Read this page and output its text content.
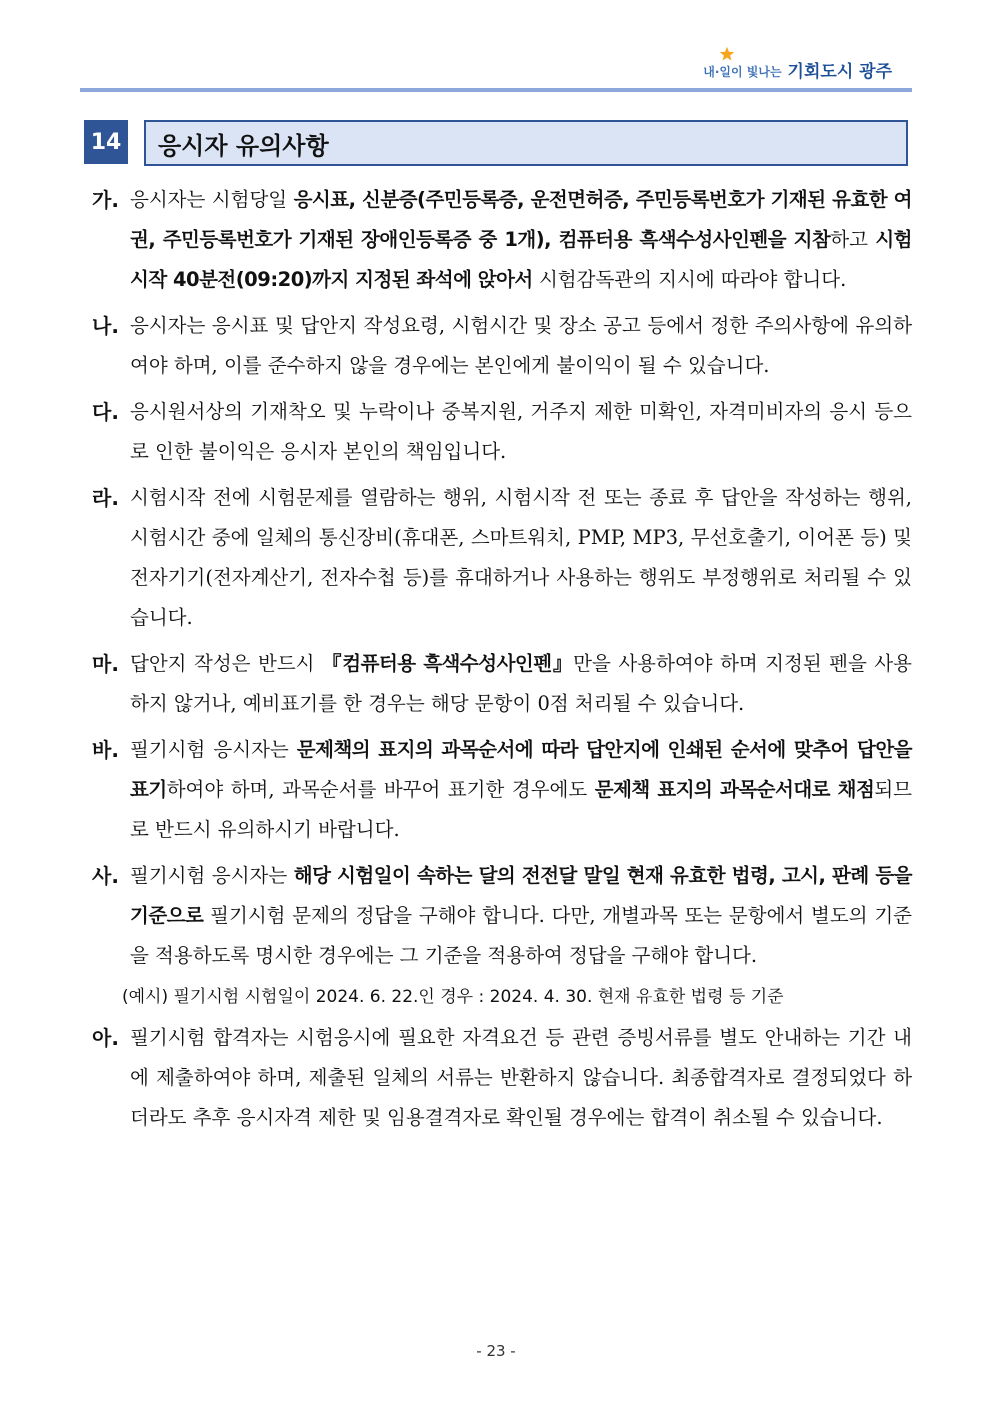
내·일이 빛나는 기회도시 광주
14 응시자 유의사항
가. 응시자는 시험당일 응시표, 신분증(주민등록증, 운전면허증, 주민등록번호가 기재된 유효한 여권, 주민등록번호가 기재된 장애인등록증 중 1개), 컴퓨터용 흑색수성사인펜을 지참하고 시험시작 40분전(09:20)까지 지정된 좌석에 앉아서 시험감독관의 지시에 따라야 합니다.
나. 응시자는 응시표 및 답안지 작성요령, 시험시간 및 장소 공고 등에서 정한 주의사항에 유의하여야 하며, 이를 준수하지 않을 경우에는 본인에게 불이익이 될 수 있습니다.
다. 응시원서상의 기재착오 및 누락이나 중복지원, 거주지 제한 미확인, 자격미비자의 응시 등으로 인한 불이익은 응시자 본인의 책임입니다.
라. 시험시작 전에 시험문제를 열람하는 행위, 시험시작 전 또는 종료 후 답안을 작성하는 행위, 시험시간 중에 일체의 통신장비(휴대폰, 스마트워치, PMP, MP3, 무선호출기, 이어폰 등) 및 전자기기(전자계산기, 전자수첩 등)를 휴대하거나 사용하는 행위도 부정행위로 처리될 수 있습니다.
마. 답안지 작성은 반드시 『컴퓨터용 흑색수성사인펜』만을 사용하여야 하며 지정된 펜을 사용하지 않거나, 예비표기를 한 경우는 해당 문항이 0점 처리될 수 있습니다.
바. 필기시험 응시자는 문제책의 표지의 과목순서에 따라 답안지에 인쇄된 순서에 맞추어 답안을 표기하여야 하며, 과목순서를 바꾸어 표기한 경우에도 문제책 표지의 과목순서대로 채점되므로 반드시 유의하시기 바랍니다.
사. 필기시험 응시자는 해당 시험일이 속하는 달의 전전달 말일 현재 유효한 법령, 고시, 판례 등을 기준으로 필기시험 문제의 정답을 구해야 합니다. 다만, 개별과목 또는 문항에서 별도의 기준을 적용하도록 명시한 경우에는 그 기준을 적용하여 정답을 구해야 합니다.
(예시) 필기시험 시험일이 2024. 6. 22.인 경우 : 2024. 4. 30. 현재 유효한 법령 등 기준
아. 필기시험 합격자는 시험응시에 필요한 자격요건 등 관련 증빙서류를 별도 안내하는 기간 내에 제출하여야 하며, 제출된 일체의 서류는 반환하지 않습니다. 최종합격자로 결정되었다 하더라도 추후 응시자격 제한 및 임용결격자로 확인될 경우에는 합격이 취소될 수 있습니다.
- 23 -
